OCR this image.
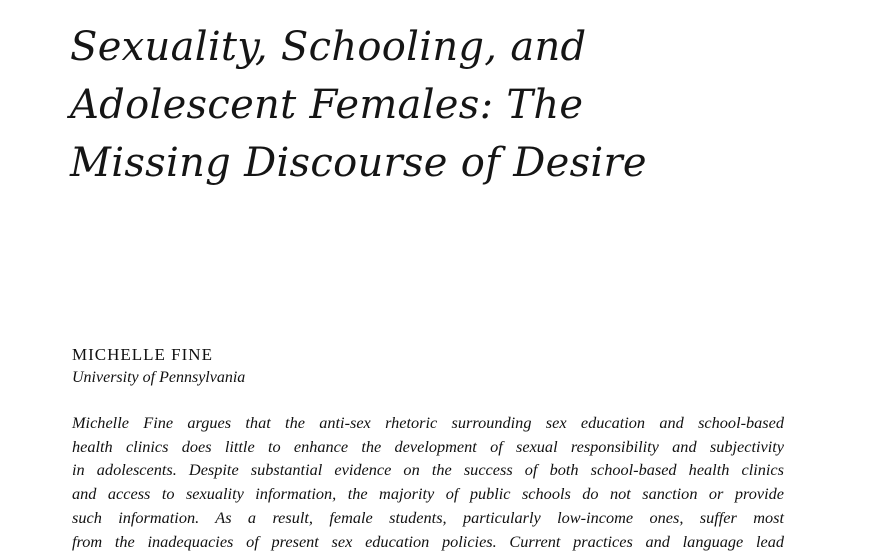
Sexuality, Schooling, and
Adolescent Females: The
Missing Discourse of Desire
MICHELLE FINE
University of Pennsylvania
Michelle Fine argues that the anti-sex rhetoric surrounding sex education and school-based
health clinics does little to enhance the development of sexual responsibility and subjectivity
in adolescents. Despite substantial evidence on the success of both school-based health clinics
and access to sexuality information, the majority of public schools do not sanction or provide
such information. As a result, female students, particularly low-income ones, suffer most
from the inadequacies of present sex education policies. Current practices and language lead
